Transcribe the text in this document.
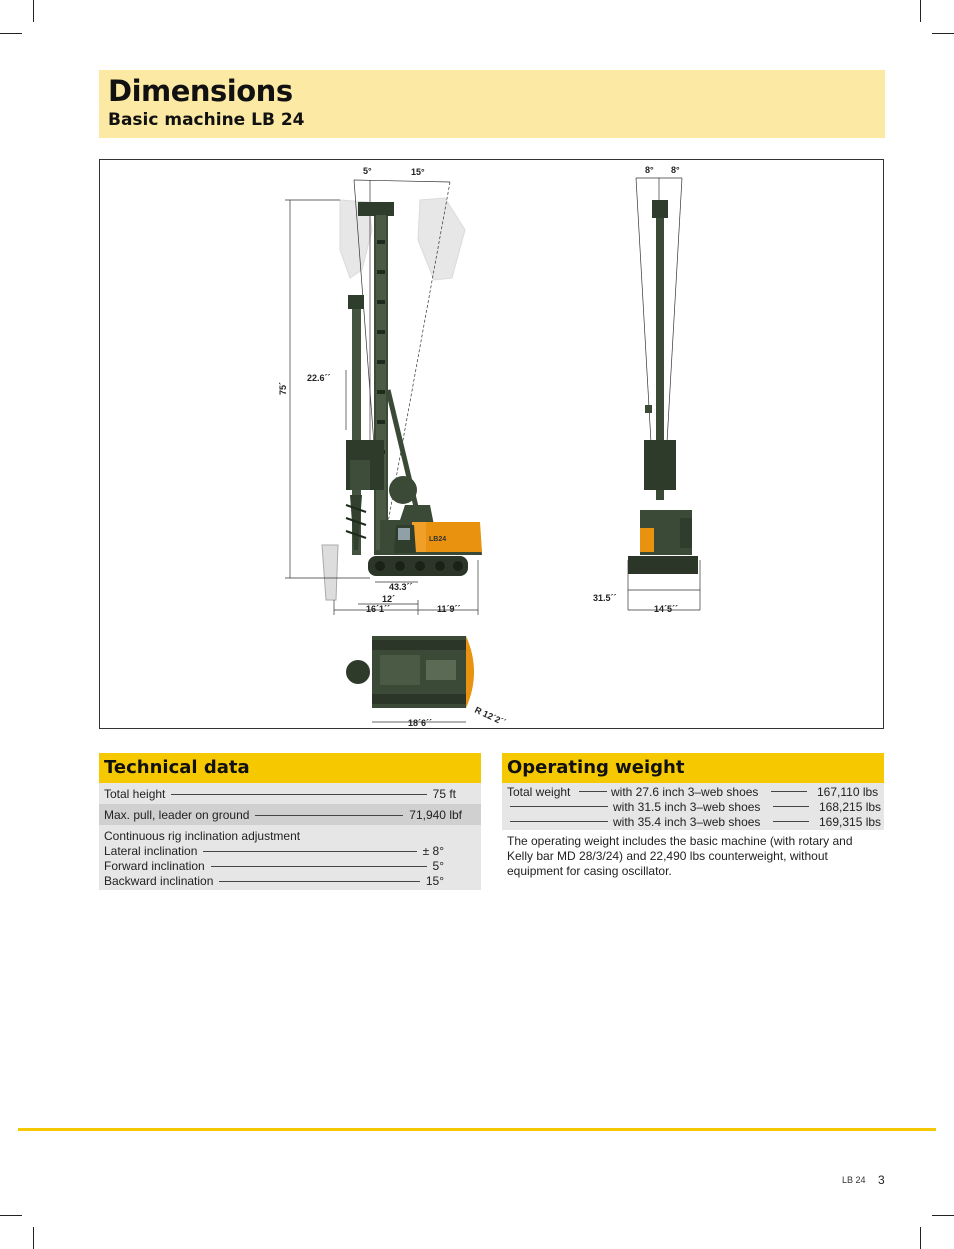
Dimensions
Basic machine LB 24
5°	15°
LB24
75´
22.6´´
43.3´´
12´
16´1´´	11´9´´
8° 8°
31.5´´
14´5´´
18´6´´	R 12´2´´
Technical data
Total height	75 ft
Max. pull, leader on ground	71,940 lbf
Continuous rig inclination adjustment
Lateral inclination	± 8°
Forward inclination	5°
Backward inclination	15°
Operating weight
Total weight	with 27.6 inch 3–web shoes	167,110 lbs
with 31.5 inch 3–web shoes	168,215 lbs
with 35.4 inch 3–web shoes	169,315 lbs
The operating weight includes the basic machine (with rotary and Kelly bar MD 28/3/24) and 22,490 lbs counterweight, without equipment for casing oscillator.
LB 24 3
